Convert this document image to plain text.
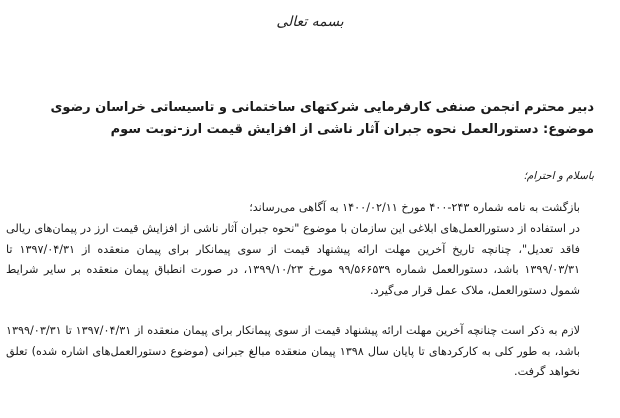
بسمه تعالی
دبیر محترم انجمن صنفی کارفرمایی شرکتهای ساختمانی و تاسیساتی خراسان رضوی
موضوع: دستورالعمل نحوه جبران آثار ناشی از افزایش قیمت ارز-نوبت سوم
باسلام و احترام؛
بازگشت به نامه شماره ۲۴۳-۴۰۰ مورخ ۱۴۰۰/۰۲/۱۱ به آگاهی می‌رساند؛
در استفاده از دستورالعمل‌های ابلاغی این سازمان با موضوع "نحوه جبران آثار ناشی از افزایش قیمت ارز در پیمان‌های ریالی فاقد تعدیل"، چنانچه تاریخ آخرین مهلت ارائه پیشنهاد قیمت از سوی پیمانکار برای پیمان منعقده از ۱۳۹۷/۰۴/۳۱ تا ۱۳۹۹/۰۳/۳۱ باشد، دستورالعمل شماره ۹۹/۵۶۶۵۳۹ مورخ ۱۳۹۹/۱۰/۲۳، در صورت انطباق پیمان منعقده بر سایر شرایط شمول دستورالعمل، ملاک عمل قرار می‌گیرد.
لازم به ذکر است چنانچه آخرین مهلت ارائه پیشنهاد قیمت از سوی پیمانکار برای پیمان منعقده از ۱۳۹۷/۰۴/۳۱ تا ۱۳۹۹/۰۳/۳۱ باشد، به طور کلی به کارکردهای تا پایان سال ۱۳۹۸ پیمان منعقده مبالغ جبرانی (موضوع دستورالعمل‌های اشاره شده) تعلق نخواهد گرفت.
